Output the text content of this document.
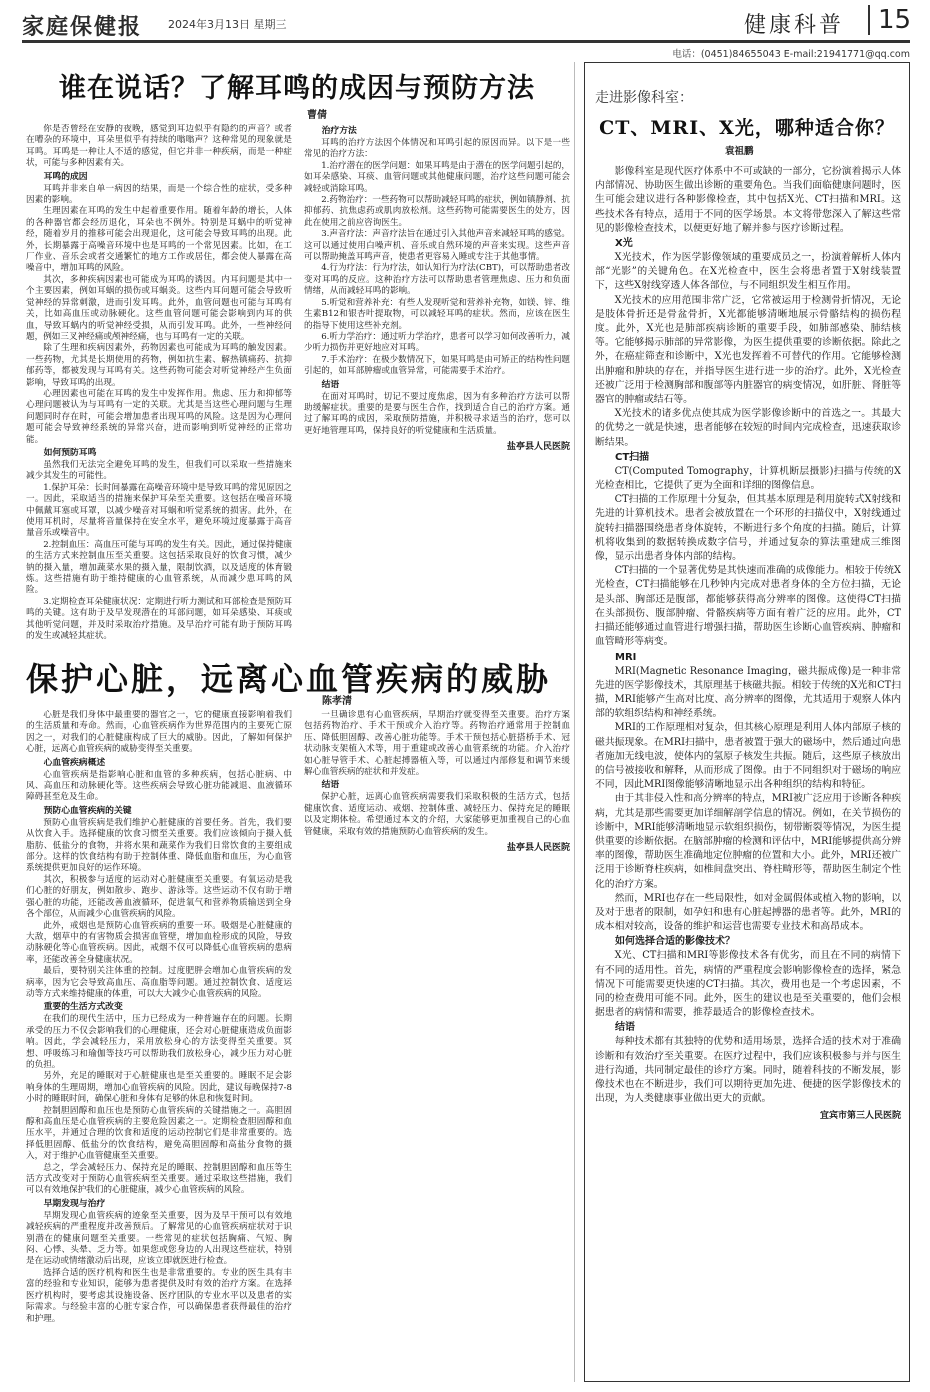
家庭保健报 2024年3月13日 星期三	健康科普	15
电话：(0451)84655043 E-mail:21941771@qq.com
谁在说话？了解耳鸣的成因与预防方法
曹倩

你是否曾经在安静的夜晚，感觉到耳边似乎有隐约的声音？或者在嘈杂的环境中，耳朵里似乎有持续的嗡嗡声？这种常见的现象就是耳鸣。耳鸣是一种让人不适的感觉，但它并非一种疾病，而是一种症状，可能与多种因素有关。

耳鸣的成因

耳鸣并非来自单一病因的结果，而是一个综合性的症状，受多种因素的影响。

生理因素在耳鸣的发生中起着重要作用。随着年龄的增长，人体的各种器官都会经历退化，耳朵也不例外。特别是耳蜗中的听觉神经，随着岁月的推移可能会出现退化，这可能会导致耳鸣的出现。此外，长期暴露于高噪音环境中也是耳鸣的一个常见因素。比如，在工厂作业、音乐会或者交通繁忙的地方工作或居住，都会使人暴露在高噪音中，增加耳鸣的风险。

其次，多种疾病因素也可能成为耳鸣的诱因。内耳问题是其中一个主要因素，例如耳蜗的损伤或耳蜗炎。这些内耳问题可能会导致听觉神经的异常刺激，进而引发耳鸣。此外，血管问题也可能与耳鸣有关，比如高血压或动脉硬化。这些血管问题可能会影响到内耳的供血，导致耳蜗内的听觉神经受损，从而引发耳鸣。此外，一些神经问题，例如三叉神经痛或颅神经痛，也与耳鸣有一定的关联。

除了生理和疾病因素外，药物因素也可能成为耳鸣的触发因素。一些药物，尤其是长期使用的药物，例如抗生素、解热镇痛药、抗抑郁药等，都被发现与耳鸣有关。这些药物可能会对听觉神经产生负面影响，导致耳鸣的出现。

心理因素也可能在耳鸣的发生中发挥作用。焦虑、压力和抑郁等心理问题被认为与耳鸣有一定的关联。尤其是当这些心理问题与生理问题同时存在时，可能会增加患者出现耳鸣的风险。这是因为心理问题可能会导致神经系统的异常兴奋，进而影响到听觉神经的正常功能。

如何预防耳鸣

虽然我们无法完全避免耳鸣的发生，但我们可以采取一些措施来减少其发生的可能性。

1.保护耳朵：长时间暴露在高噪音环境中是导致耳鸣的常见原因之一。因此，采取适当的措施来保护耳朵至关重要。这包括在噪音环境中佩戴耳塞或耳罩，以减少噪音对耳蜗和听觉系统的损害。此外，在使用耳机时，尽量将音量保持在安全水平，避免环境过度暴露于高音量音乐或噪音中。

2.控制血压：高血压可能与耳鸣的发生有关。因此，通过保持健康的生活方式来控制血压至关重要。这包括采取良好的饮食习惯，减少钠的摄入量，增加蔬菜水果的摄入量，限制饮酒，以及适度的体育锻炼。这些措施有助于维持健康的心血管系统，从而减少患耳鸣的风险。

3.定期检查耳朵健康状况：定期进行听力测试和耳部检查是预防耳鸣的关键。这有助于及早发现潜在的耳部问题，如耳朵感染、耳痰或其他听觉问题，并及时采取治疗措施。及早治疗可能有助于预防耳鸣的发生或减轻其症状。

治疗方法

耳鸣的治疗方法因个体情况和耳鸣引起的原因而异。以下是一些常见的治疗方法：

1.治疗潜在的医学问题：如果耳鸣是由于潜在的医学问题引起的，如耳朵感染、耳痰、血管问题或其他健康问题，治疗这些问题可能会减轻或消除耳鸣。

2.药物治疗：一些药物可以帮助减轻耳鸣的症状，例如镇静剂、抗抑郁药、抗焦虑药或肌肉放松剂。这些药物可能需要医生的处方，因此在使用之前应咨询医生。

3.声音疗法：声音疗法旨在通过引入其他声音来减轻耳鸣的感觉。这可以通过使用白噪声机、音乐或自然环境的声音来实现。这些声音可以帮助掩盖耳鸣声音，使患者更容易入睡或专注于其他事情。

4.行为疗法：行为疗法，如认知行为疗法(CBT)，可以帮助患者改变对耳鸣的反应。这种治疗方法可以帮助患者管理焦虑、压力和负面情绪，从而减轻耳鸣的影响。

5.听觉和营养补充：有些人发现听觉和营养补充物，如镁、锌、维生素B12和银杏叶提取物，可以减轻耳鸣的症状。然而，应该在医生的指导下使用这些补充剂。

6.听力学治疗：通过听力学治疗，患者可以学习如何改善听力，减少听力损伤并更好地应对耳鸣。

7.手术治疗：在极少数情况下，如果耳鸣是由可矫正的结构性问题引起的，如耳部肿瘤或血管异常，可能需要手术治疗。

结语

在面对耳鸣时，切记不要过度焦虑，因为有多种治疗方法可以帮助缓解症状。重要的是要与医生合作，找到适合自己的治疗方案。通过了解耳鸣的成因，采取预防措施，并积极寻求适当的治疗，您可以更好地管理耳鸣，保持良好的听觉健康和生活质量。

盐亭县人民医院
保护心脏，远离心血管疾病的威胁
陈孝清

心脏是我们身体中最重要的器官之一，它的健康直接影响着我们的生活质量和寿命。然而，心血管疾病作为世界范围内的主要死亡原因之一，对我们的心脏健康构成了巨大的威胁。因此，了解如何保护心脏，远离心血管疾病的威胁变得至关重要。

心血管疾病概述

心血管疾病是指影响心脏和血管的多种疾病，包括心脏病、中风、高血压和动脉硬化等。这些疾病会导致心脏功能减退、血液循环障碍甚至危及生命。

预防心血管疾病的关键

预防心血管疾病是我们维护心脏健康的首要任务。首先，我们要从饮食入手。选择健康的饮食习惯至关重要。我们应该倾向于摄入低脂肪、低盐分的食物，并将水果和蔬菜作为我们日常饮食的主要组成部分。这样的饮食结构有助于控制体重、降低血脂和血压，为心血管系统提供更加良好的运作环境。

其次，积极参与适度的运动对心脏健康至关重要。有氧运动是我们心脏的好朋友，例如散步、跑步、游泳等。这些运动不仅有助于增强心脏的功能，还能改善血液循环，促进氧气和营养物质输送到全身各个部位，从而减少心血管疾病的风险。

此外，戒烟也是预防心血管疾病的重要一环。吸烟是心脏健康的大敌，烟草中的有害物质会损害血管壁，增加血栓形成的风险，导致动脉硬化等心血管疾病。因此，戒烟不仅可以降低心血管疾病的患病率，还能改善全身健康状况。

最后，要特别关注体重的控制。过度肥胖会增加心血管疾病的发病率，因为它会导致高血压、高血脂等问题。通过控制饮食、适度运动等方式来维持健康的体重，可以大大减少心血管疾病的风险。

重要的生活方式改变

在我们的现代生活中，压力已经成为一种普遍存在的问题。长期承受的压力不仅会影响我们的心理健康，还会对心脏健康造成负面影响。因此，学会减轻压力，采用放松身心的方法变得至关重要。冥想、呼吸练习和瑜伽等技巧可以帮助我们放松身心，减少压力对心脏的负担。

另外，充足的睡眠对于心脏健康也是至关重要的。睡眠不足会影响身体的生理周期，增加心血管疾病的风险。因此，建议每晚保持7-8小时的睡眠时间，确保心脏和身体有足够的休息和恢复时间。

控制胆固醇和血压也是预防心血管疾病的关键措施之一。高胆固醇和高血压是心血管疾病的主要危险因素之一。定期检查胆固醇和血压水平，并通过合理的饮食和适度的运动控制它们是非常重要的。选择低胆固醇、低盐分的饮食结构，避免高胆固醇和高盐分食物的摄入，对于维护心血管健康至关重要。

总之，学会减轻压力、保持充足的睡眠、控制胆固醇和血压等生活方式改变对于预防心血管疾病至关重要。通过采取这些措施，我们可以有效地保护我们的心脏健康，减少心血管疾病的风险。

早期发现与治疗

早期发现心血管疾病的迹象至关重要，因为及早干预可以有效地减轻疾病的严重程度并改善预后。了解常见的心血管疾病症状对于识别潜在的健康问题至关重要。一些常见的症状包括胸痛、气短、胸闷、心悸、头晕、乏力等。如果您或您身边的人出现这些症状，特别是在运动或情绪激动后出现，应该立即就医进行检查。

选择合适的医疗机构和医生也是非常重要的。专业的医生具有丰富的经验和专业知识，能够为患者提供及时有效的治疗方案。在选择医疗机构时，要考虑其设施设备、医疗团队的专业水平以及患者的实际需求。与经验丰富的心脏专家合作，可以确保患者获得最佳的治疗和护理。

一旦确诊患有心血管疾病，早期治疗就变得至关重要。治疗方案包括药物治疗、手术干预或介入治疗等。药物治疗通常用于控制血压、降低胆固醇、改善心脏功能等。手术干预包括心脏搭桥手术、冠状动脉支架植入术等，用于重建或改善心血管系统的功能。介入治疗如心脏导管手术、心脏起搏器植入等，可以通过内部修复和调节来缓解心血管疾病的症状和并发症。

结语

保护心脏，远离心血管疾病需要我们采取积极的生活方式，包括健康饮食、适度运动、戒烟、控制体重、减轻压力、保持充足的睡眠以及定期体检。希望通过本文的介绍，大家能够更加重视自己的心血管健康，采取有效的措施预防心血管疾病的发生。

盐亭县人民医院
走进影像科室：
CT、MRI、X光，哪种适合你？
袁祖鹏

影像科室是现代医疗体系中不可或缺的一部分，它扮演着揭示人体内部情况、协助医生做出诊断的重要角色。当我们面临健康问题时，医生可能会建议进行各种影像检查，其中包括X光、CT扫描和MRI。这些技术各有特点，适用于不同的医学场景。本文将带您深入了解这些常见的影像检查技术，以便更好地了解并参与医疗诊断过程。

X光

X光技术，作为医学影像领域的重要成员之一，扮演着解析人体内部“光影”的关键角色。在X光检查中，医生会将患者置于X射线装置下，这些X射线穿透人体各部位，与不同组织发生相互作用。

X光技术的应用范围非常广泛，它常被运用于检测骨折情况，无论是肢体骨折还是骨盆骨折，X光都能够清晰地展示骨骼结构的损伤程度。此外，X光也是肺部疾病诊断的重要手段，如肺部感染、肺结核等。它能够揭示肺部的异常影像，为医生提供重要的诊断依据。除此之外，在癌症筛查和诊断中，X光也发挥着不可替代的作用。它能够检测出肿瘤和肿块的存在，并指导医生进行进一步的治疗。此外，X光检查还被广泛用于检测胸部和腹部等内脏器官的病变情况，如肝脏、肾脏等器官的肿瘤或结石等。

X光技术的诸多优点使其成为医学影像诊断中的首选之一。其最大的优势之一就是快速，患者能够在较短的时间内完成检查，迅速获取诊断结果。

CT扫描

CT(Computed Tomography，计算机断层摄影)扫描与传统的X光检查相比，它提供了更为全面和详细的图像信息。

CT扫描的工作原理十分复杂，但其基本原理是利用旋转式X射线和先进的计算机技术。患者会被放置在一个环形的扫描仪中，X射线通过旋转扫描器围绕患者身体旋转，不断进行多个角度的扫描。随后，计算机将收集到的数据转换成数字信号，并通过复杂的算法重建成三维图像，显示出患者身体内部的结构。

CT扫描的一个显著优势是其快速而准确的成像能力。相较于传统X光检查，CT扫描能够在几秒钟内完成对患者身体的全方位扫描，无论是头部、胸部还是腹部，都能够获得高分辨率的图像。这使得CT扫描在头部损伤、腹部肿瘤、骨骼疾病等方面有着广泛的应用。此外，CT扫描还能够通过血管进行增强扫描，帮助医生诊断心血管疾病、肿瘤和血管畸形等病变。

MRI

MRI(Magnetic Resonance Imaging，磁共振成像)是一种非常先进的医学影像技术，其原理基于核磁共振。相较于传统的X光和CT扫描，MRI能够产生高对比度、高分辨率的图像，尤其适用于观察人体内部的软组织结构和神经系统。

MRI的工作原理相对复杂，但其核心原理是利用人体内部原子核的磁共振现象。在MRI扫描中，患者被置于强大的磁场中，然后通过向患者施加无线电波，使体内的氢原子核发生共振。随后，这些原子核放出的信号被接收和解释，从而形成了图像。由于不同组织对于磁场的响应不同，因此MRI图像能够清晰地显示出各种组织的结构和特征。

由于其非侵入性和高分辨率的特点，MRI被广泛应用于诊断各种疾病，尤其是那些需要更加详细解剖学信息的情况。例如，在关节损伤的诊断中，MRI能够清晰地显示软组织损伤，韧带断裂等情况，为医生提供重要的诊断依据。在脑部肿瘤的检测和评估中，MRI能够提供高分辨率的图像，帮助医生准确地定位肿瘤的位置和大小。此外，MRI还被广泛用于诊断脊柱疾病，如椎间盘突出、脊柱畸形等，帮助医生制定个性化的治疗方案。

然而，MRI也存在一些局限性，如对金属假体或植入物的影响，以及对于患者的限制，如孕妇和患有心脏起搏器的患者等。此外，MRI的成本相对较高，设备的维护和运营也需要专业技术和高昂成本。

如何选择合适的影像技术？

X光、CT扫描和MRI等影像技术各有优劣，而且在不同的病情下有不同的适用性。首先，病情的严重程度会影响影像检查的选择，紧急情况下可能需要更快速的CT扫描。其次，费用也是一个考虑因素，不同的检查费用可能不同。此外，医生的建议也是至关重要的，他们会根据患者的病情和需要，推荐最适合的影像检查技术。

结语

每种技术都有其独特的优势和适用场景，选择合适的技术对于准确诊断和有效治疗至关重要。在医疗过程中，我们应该积极参与并与医生进行沟通，共同制定最佳的诊疗方案。同时，随着科技的不断发展，影像技术也在不断进步，我们可以期待更加先进、便捷的医学影像技术的出现，为人类健康事业做出更大的贡献。

宜宾市第三人民医院
